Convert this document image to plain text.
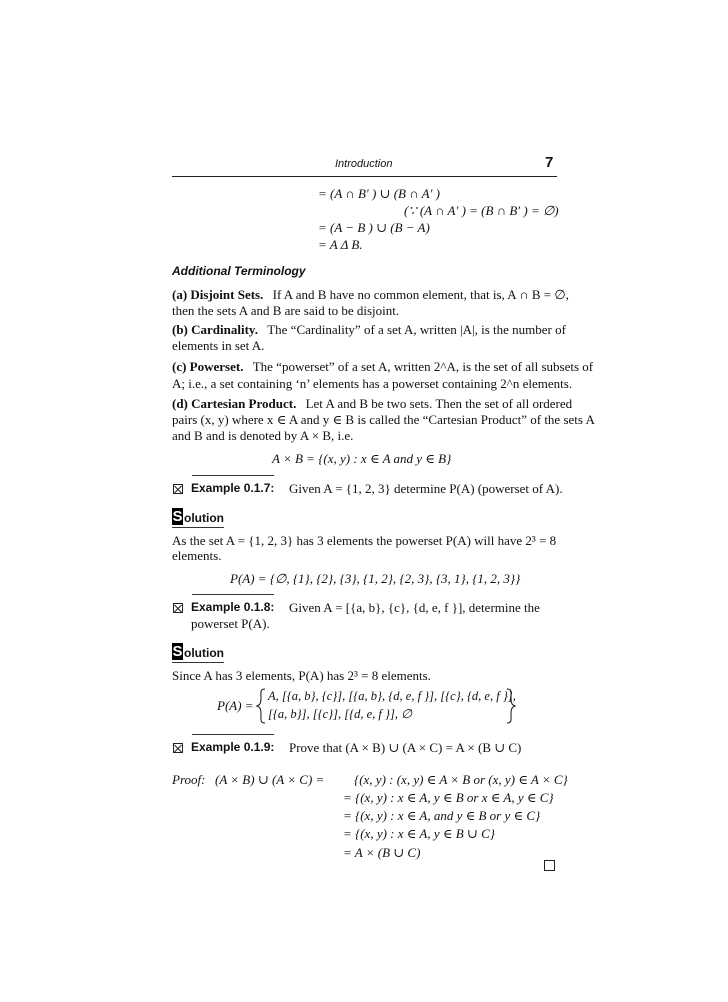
Introduction	7
= (A ∩ B′ ) ∪ (B ∩ A′ )
(∵ (A ∩ A′ ) = (B ∩ B′ ) = ∅)
= (A − B ) ∪ (B − A)
= A Δ B.
Additional Terminology
(a) Disjoint Sets. If A and B have no common element, that is, A ∩ B = ∅,
then the sets A and B are said to be disjoint.
(b) Cardinality. The “Cardinality” of a set A, written |A|, is the number of
elements in set A.
(c) Powerset. The “powerset” of a set A, written 2^A, is the set of all subsets of
A; i.e., a set containing ‘n’ elements has a powerset containing 2^n elements.
(d) Cartesian Product. Let A and B be two sets. Then the set of all ordered
pairs (x, y) where x ∈ A and y ∈ B is called the “Cartesian Product” of the sets A
and B and is denoted by A × B, i.e.
A × B = {(x, y) : x ∈ A and y ∈ B}
Example 0.1.7: Given A = {1, 2, 3} determine P(A) (powerset of A).
S olution
As the set A = {1, 2, 3} has 3 elements the powerset P(A) will have 2³ = 8
elements.
P(A) = {∅, {1}, {2}, {3}, {1, 2}, {2, 3}, {3, 1}, {1, 2, 3}}
Example 0.1.8: Given A = [{a, b}, {c}, {d, e, f }], determine the
powerset P(A).
S olution
Since A has 3 elements, P(A) has 2³ = 8 elements.
P(A) =
A, [{a, b}, {c}], [{a, b}, {d, e, f }], [{c}, {d, e, f }],
[{a, b}], [{c}], [{d, e, f }], ∅
Example 0.1.9: Prove that (A × B) ∪ (A × C) = A × (B ∪ C)
Proof: (A × B) ∪ (A × C) = {(x, y) : (x, y) ∈ A × B or (x, y) ∈ A × C}
= {(x, y) : x ∈ A, y ∈ B or x ∈ A, y ∈ C}
= {(x, y) : x ∈ A, and y ∈ B or y ∈ C}
= {(x, y) : x ∈ A, y ∈ B ∪ C}
= A × (B ∪ C)
